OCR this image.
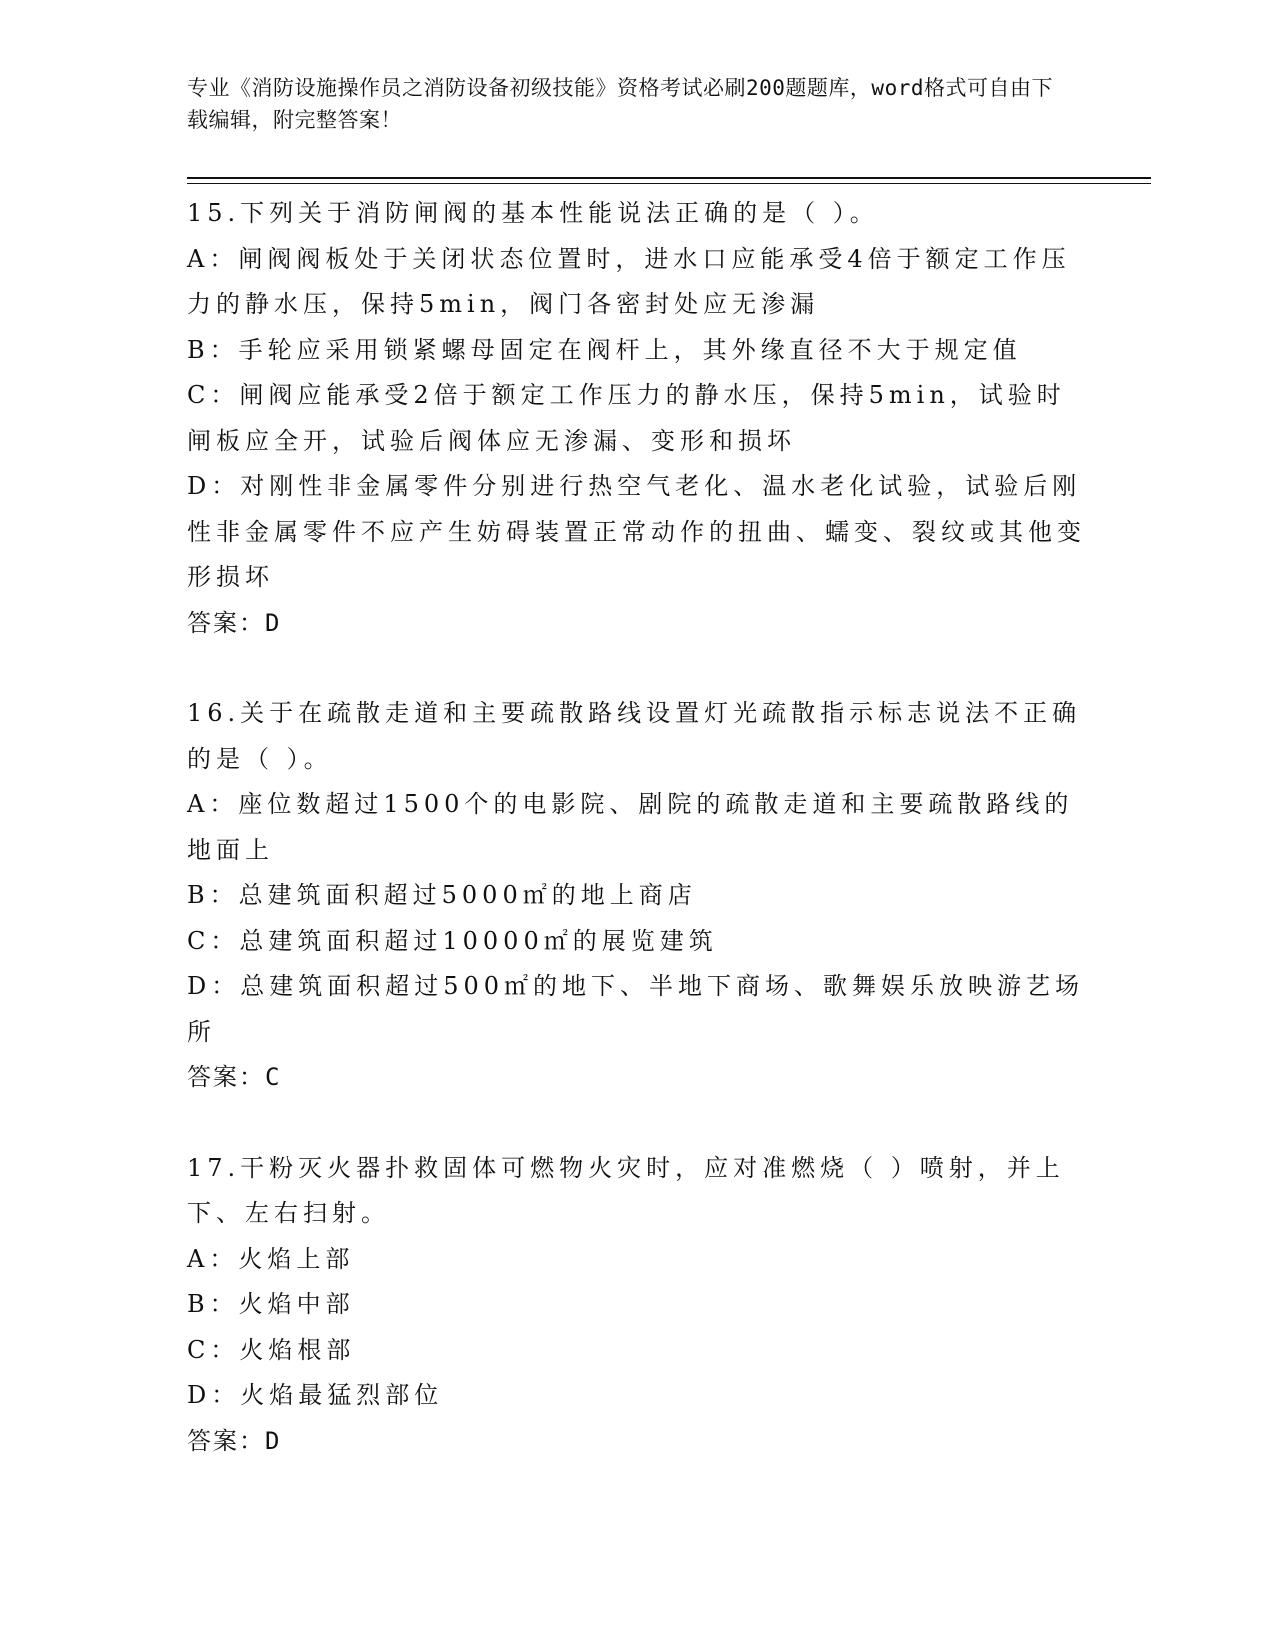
专业《消防设施操作员之消防设备初级技能》资格考试必刷200题题库，word格式可自由下载编辑，附完整答案！

15.下列关于消防闸阀的基本性能说法正确的是（ ）。

A：闸阀阀板处于关闭状态位置时，进水口应能承受4倍于额定工作压力的静水压，保持5min，阀门各密封处应无渗漏

B：手轮应采用锁紧螺母固定在阀杆上，其外缘直径不大于规定值

C：闸阀应能承受2倍于额定工作压力的静水压，保持5min，试验时闸板应全开，试验后阀体应无渗漏、变形和损坏

D：对刚性非金属零件分别进行热空气老化、温水老化试验，试验后刚性非金属零件不应产生妨碍装置正常动作的扭曲、蠕变、裂纹或其他变形损坏

答案：D

16.关于在疏散走道和主要疏散路线设置灯光疏散指示标志说法不正确的是（ ）。

A：座位数超过1500个的电影院、剧院的疏散走道和主要疏散路线的地面上

B：总建筑面积超过5000㎡的地上商店

C：总建筑面积超过10000㎡的展览建筑

D：总建筑面积超过500㎡的地下、半地下商场、歌舞娱乐放映游艺场所

答案：C

17.干粉灭火器扑救固体可燃物火灾时，应对准燃烧（ ）喷射，并上下、左右扫射。

A：火焰上部

B：火焰中部

C：火焰根部

D：火焰最猛烈部位

答案：D
